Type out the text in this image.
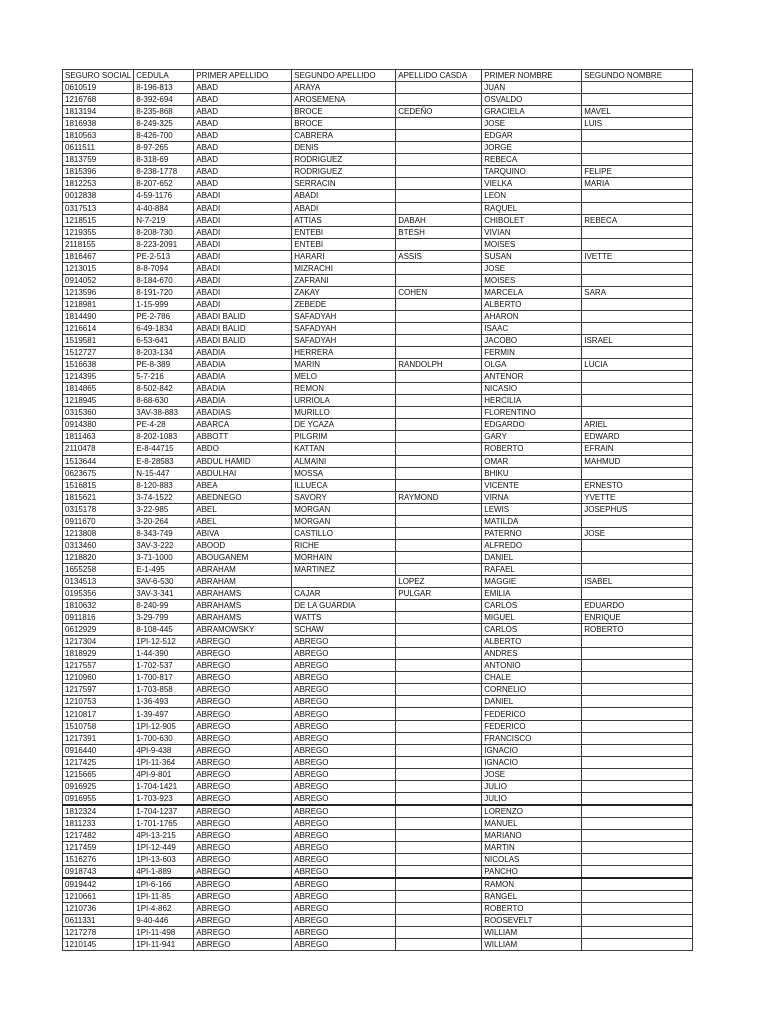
SEGURO SOCIAL	CEDULA	PRIMER APELLIDO	SEGUNDO APELLIDO	APELLIDO CASDA	PRIMER NOMBRE	SEGUNDO NOMBRE
0610519	8-196-813	ABAD	ARAYA		JUAN	
1216768	8-392-694	ABAD	AROSEMENA		OSVALDO	
1813194	8-235-868	ABAD	BROCE	CEDEÑO	GRACIELA	MAVEL
1816938	8-249-325	ABAD	BROCE		JOSE	LUIS
1810563	8-426-700	ABAD	CABRERA		EDGAR	
0611511	8-97-265	ABAD	DENIS		JORGE	
1813759	8-318-69	ABAD	RODRIGUEZ		REBECA	
1815396	8-238-1778	ABAD	RODRIGUEZ		TARQUINO	FELIPE
1812253	8-207-652	ABAD	SERRACIN		VIELKA	MARIA
0012838	4-59-1176	ABADI	ABADI		LEON	
0317513	4-40-884	ABADI	ABADI		RAQUEL	
1218515	N-7-219	ABADI	ATTIAS	DABAH	CHIBOLET	REBECA
1219355	8-208-730	ABADI	ENTEBI	BTESH	VIVIAN	
2118155	8-223-2091	ABADI	ENTEBI		MOISES	
1816467	PE-2-513	ABADI	HARARI	ASSIS	SUSAN	IVETTE
1213015	8-8-7094	ABADI	MIZRACHI		JOSE	
0914052	8-184-670	ABADI	ZAFRANI		MOISES	
1213596	8-191-720	ABADI	ZAKAY	COHEN	MARCELA	SARA
1218981	1-15-999	ABADI	ZEBEDE		ALBERTO	
1814490	PE-2-786	ABADI BALID	SAFADYAH		AHARON	
1216614	6-49-1834	ABADI BALID	SAFADYAH		ISAAC	
1519581	6-53-641	ABADI BALID	SAFADYAH		JACOBO	ISRAEL
1512727	8-203-134	ABADIA	HERRERA		FERMIN	
1516638	PE-8-389	ABADIA	MARIN	RANDOLPH	OLGA	LUCIA
1214395	5-7-216	ABADIA	MELO		ANTENOR	
1814865	8-502-842	ABADIA	REMON		NICASIO	
1218945	8-68-630	ABADIA	URRIOLA		HERCILIA	
0315360	3AV-38-883	ABADIAS	MURILLO		FLORENTINO	
0914380	PE-4-28	ABARCA	DE YCAZA		EDGARDO	ARIEL
1811463	8-202-1083	ABBOTT	PILGRIM		GARY	EDWARD
2110478	E-8-44715	ABDO	KATTAN		ROBERTO	EFRAIN
1513644	E-8-28583	ABDUL HAMID	ALMAINI		OMAR	MAHMUD
0623675	N-15-447	ABDULHAI	MOSSA		BHIKU	
1516815	8-120-883	ABEA	ILLUECA		VICENTE	ERNESTO
1815621	3-74-1522	ABEDNEGO	SAVORY	RAYMOND	VIRNA	YVETTE
0315178	3-22-985	ABEL	MORGAN		LEWIS	JOSEPHUS
0911670	3-20-264	ABEL	MORGAN		MATILDA	
1213808	8-343-749	ABIVA	CASTILLO		PATERNO	JOSE
0313460	3AV-3-222	ABOOD	RICHE		ALFREDO	
1218820	3-71-1000	ABOUGANEM	MORHAIN		DANIEL	
1655258	E-1-495	ABRAHAM	MARTINEZ		RAFAEL	
0134513	3AV-6-530	ABRAHAM		LOPEZ	MAGGIE	ISABEL
0195356	3AV-3-341	ABRAHAMS	CAJAR	PULGAR	EMILIA	
1810632	8-240-99	ABRAHAMS	DE LA GUARDIA		CARLOS	EDUARDO
0911816	3-29-799	ABRAHAMS	WATTS		MIGUEL	ENRIQUE
0612929	8-108-445	ABRAMOWSKY	SCHAW		CARLOS	ROBERTO
1217304	1PI-12-512	ABREGO	ABREGO		ALBERTO	
1818929	1-44-390	ABREGO	ABREGO		ANDRES	
1217557	1-702-537	ABREGO	ABREGO		ANTONIO	
1210960	1-700-817	ABREGO	ABREGO		CHALE	
1217597	1-703-858	ABREGO	ABREGO		CORNELIO	
1210753	1-36-493	ABREGO	ABREGO		DANIEL	
1210817	1-39-497	ABREGO	ABREGO		FEDERICO	
1510758	1PI-12-905	ABREGO	ABREGO		FEDERICO	
1217391	1-700-630	ABREGO	ABREGO		FRANCISCO	
0916440	4PI-9-438	ABREGO	ABREGO		IGNACIO	
1217425	1PI-11-364	ABREGO	ABREGO		IGNACIO	
1215665	4PI-9-801	ABREGO	ABREGO		JOSE	
0916925	1-704-1421	ABREGO	ABREGO		JULIO	
0916955	1-703-923	ABREGO	ABREGO		JULIO	
1812324	1-704-1237	ABREGO	ABREGO		LORENZO	
1811233	1-701-1765	ABREGO	ABREGO		MANUEL	
1217482	4PI-13-215	ABREGO	ABREGO		MARIANO	
1217459	1PI-12-449	ABREGO	ABREGO		MARTIN	
1516276	1PI-13-603	ABREGO	ABREGO		NICOLAS	
0918743	4PI-1-889	ABREGO	ABREGO		PANCHO	
0919442	1PI-6-166	ABREGO	ABREGO		RAMON	
1210661	1PI-11-85	ABREGO	ABREGO		RANGEL	
1210736	1PI-4-862	ABREGO	ABREGO		ROBERTO	
0611331	9-40-446	ABREGO	ABREGO		ROOSEVELT	
1217278	1PI-11-498	ABREGO	ABREGO		WILLIAM	
1210145	1PI-11-941	ABREGO	ABREGO		WILLIAM	
